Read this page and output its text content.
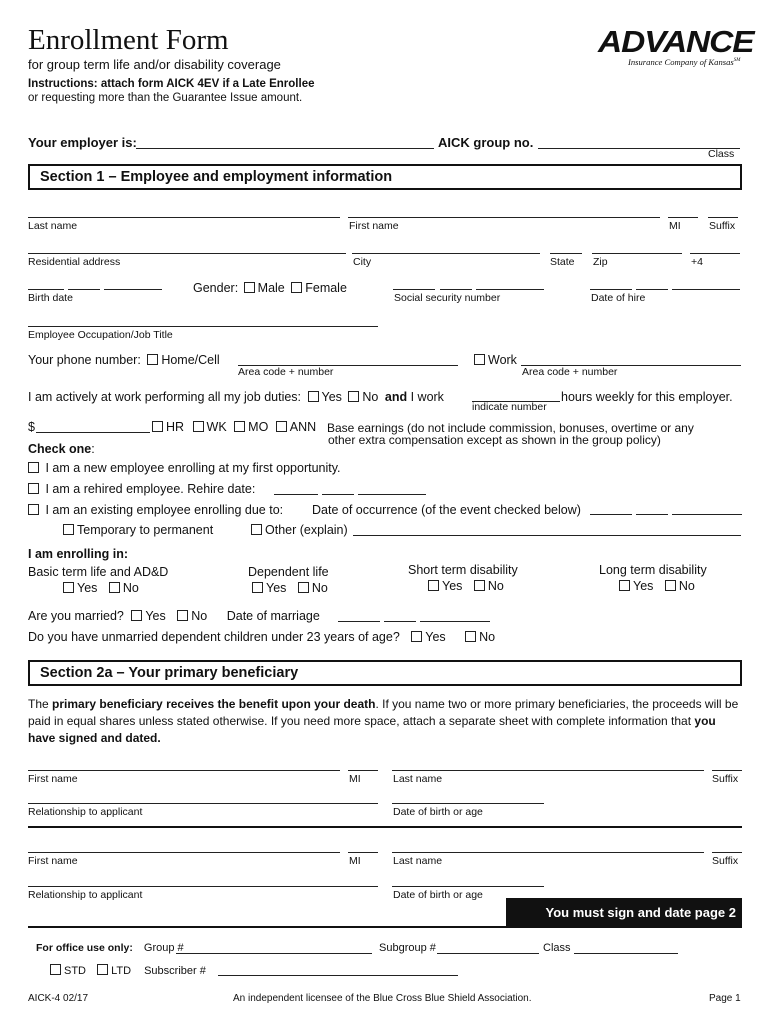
Enrollment Form
for group term life and/or disability coverage
Instructions: attach form AICK 4EV if a Late Enrollee
or requesting more than the Guarantee Issue amount.
ADVANCE
Insurance Company of Kansas℠
Your employer is:	AICK group no.
Class
Section 1 – Employee and employment information
Last name	First name	MI	Suffix
Residential address	City	State Zip	+4
Birth date
Gender: Male Female
Social security number	Date of hire
Employee Occupation/Job Title
Your phone number: Home/Cell
Area code + number
Work
Area code + number
I am actively at work performing all my job duties: Yes No and I work
indicate number
hours weekly for this employer.
$	HR WK MO ANN Base earnings (do not include commission, bonuses, overtime or any
other extra compensation except as shown in the group policy)
Check one:
I am a new employee enrolling at my first opportunity.
I am a rehired employee. Rehire date:
I am an existing employee enrolling due to: Date of occurrence (of the event checked below)
Temporary to permanent	Other (explain)
I am enrolling in:
Basic term life and AD&D
Yes No
Dependent life
Yes No
Short term disability
Yes No
Long term disability
Yes No
Are you married? Yes No Date of marriage
Do you have unmarried dependent children under 23 years of age? Yes	No
Section 2a – Your primary beneficiary
The primary beneficiary receives the benefit upon your death. If you name two or more primary beneficiaries, the proceeds will be paid in equal shares unless stated otherwise. If you need more space, attach a separate sheet with complete information that you have signed and dated.
First name	MI	Last name	Suffix
Relationship to applicant	Date of birth or age
First name	MI	Last name	Suffix
Relationship to applicant	Date of birth or age
You must sign and date page 2
For office use only: Group #	Subgroup #	Class
STD LTD Subscriber #
AICK-4 02/17	An independent licensee of the Blue Cross Blue Shield Association.	Page 1
